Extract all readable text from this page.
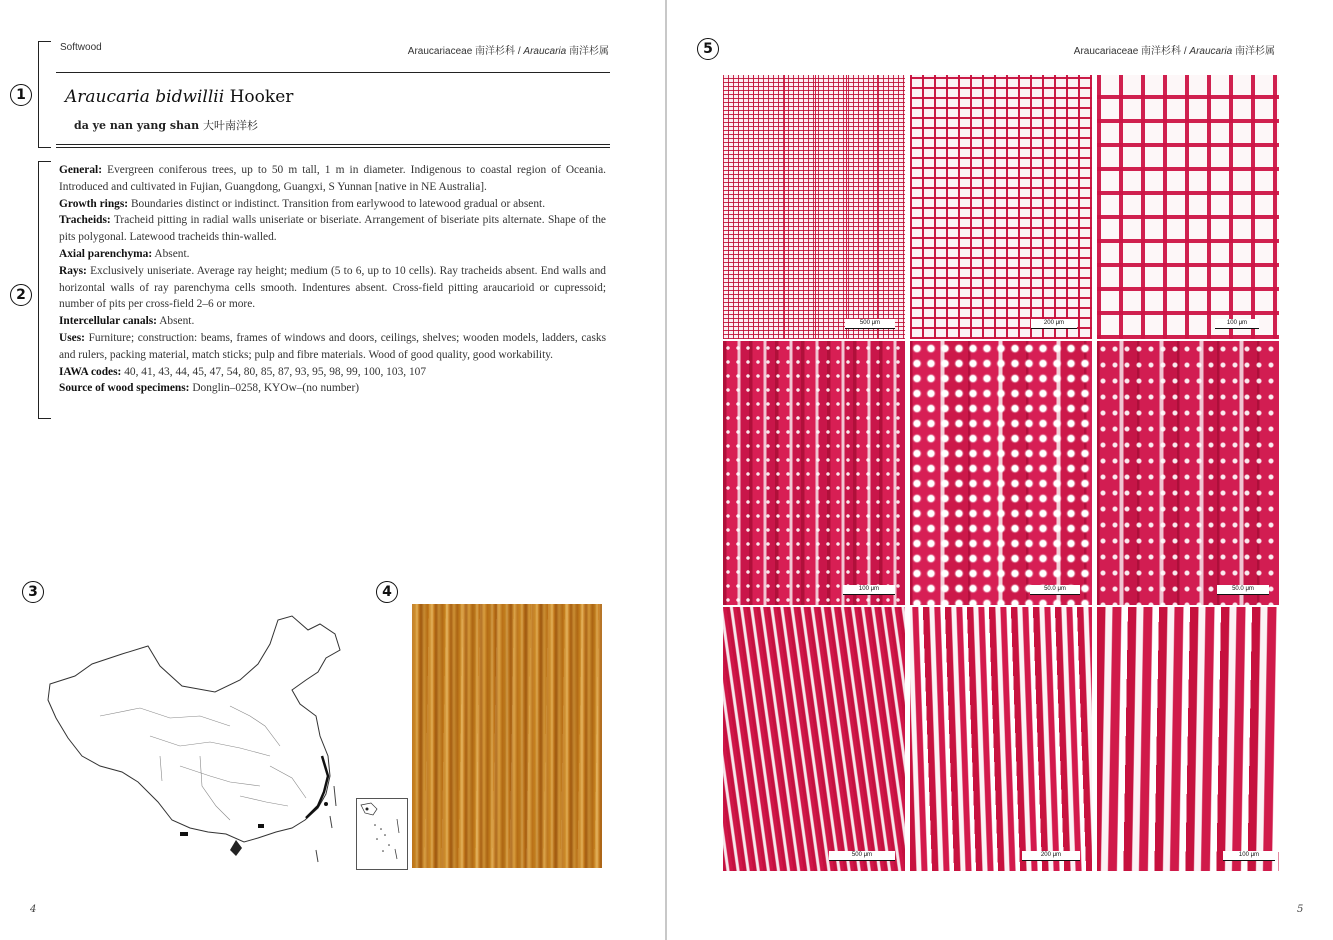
1
Softwood	Araucariaceae 南洋杉科 / Araucaria 南洋杉属
Araucaria bidwillii Hooker
da ye nan yang shan 大叶南洋杉
2

General: Evergreen coniferous trees, up to 50 m tall, 1 m in diameter. Indigenous to coastal region of Oceania. Introduced and cultivated in Fujian, Guangdong, Guangxi, S Yunnan [native in NE Australia].

Growth rings: Boundaries distinct or indistinct. Transition from earlywood to latewood gradual or absent.

Tracheids: Tracheid pitting in radial walls uniseriate or biseriate. Arrangement of biseriate pits alternate. Shape of the pits polygonal. Latewood tracheids thin-walled.

Axial parenchyma: Absent.

Rays: Exclusively uniseriate. Average ray height; medium (5 to 6, up to 10 cells). Ray tracheids absent. End walls and horizontal walls of ray parenchyma cells smooth. Indentures absent. Cross-field pitting araucarioid or cupressoid; number of pits per cross-field 2–6 or more.

Intercellular canals: Absent.

Uses: Furniture; construction: beams, frames of windows and doors, ceilings, shelves; wooden models, ladders, casks and rulers, packing material, match sticks; pulp and fibre materials. Wood of good quality, good workability.

IAWA codes: 40, 41, 43, 44, 45, 47, 54, 80, 85, 87, 93, 95, 98, 99, 100, 103, 107

Source of wood specimens: Donglin–0258, KYOw–(no number)

3	4
4
5	Araucariaceae 南洋杉科 / Araucaria 南洋杉属
5
500 μm	200 μm	100 μm
100 μm	50.0 μm	50.0 μm
500 μm	200 μm	100 μm
